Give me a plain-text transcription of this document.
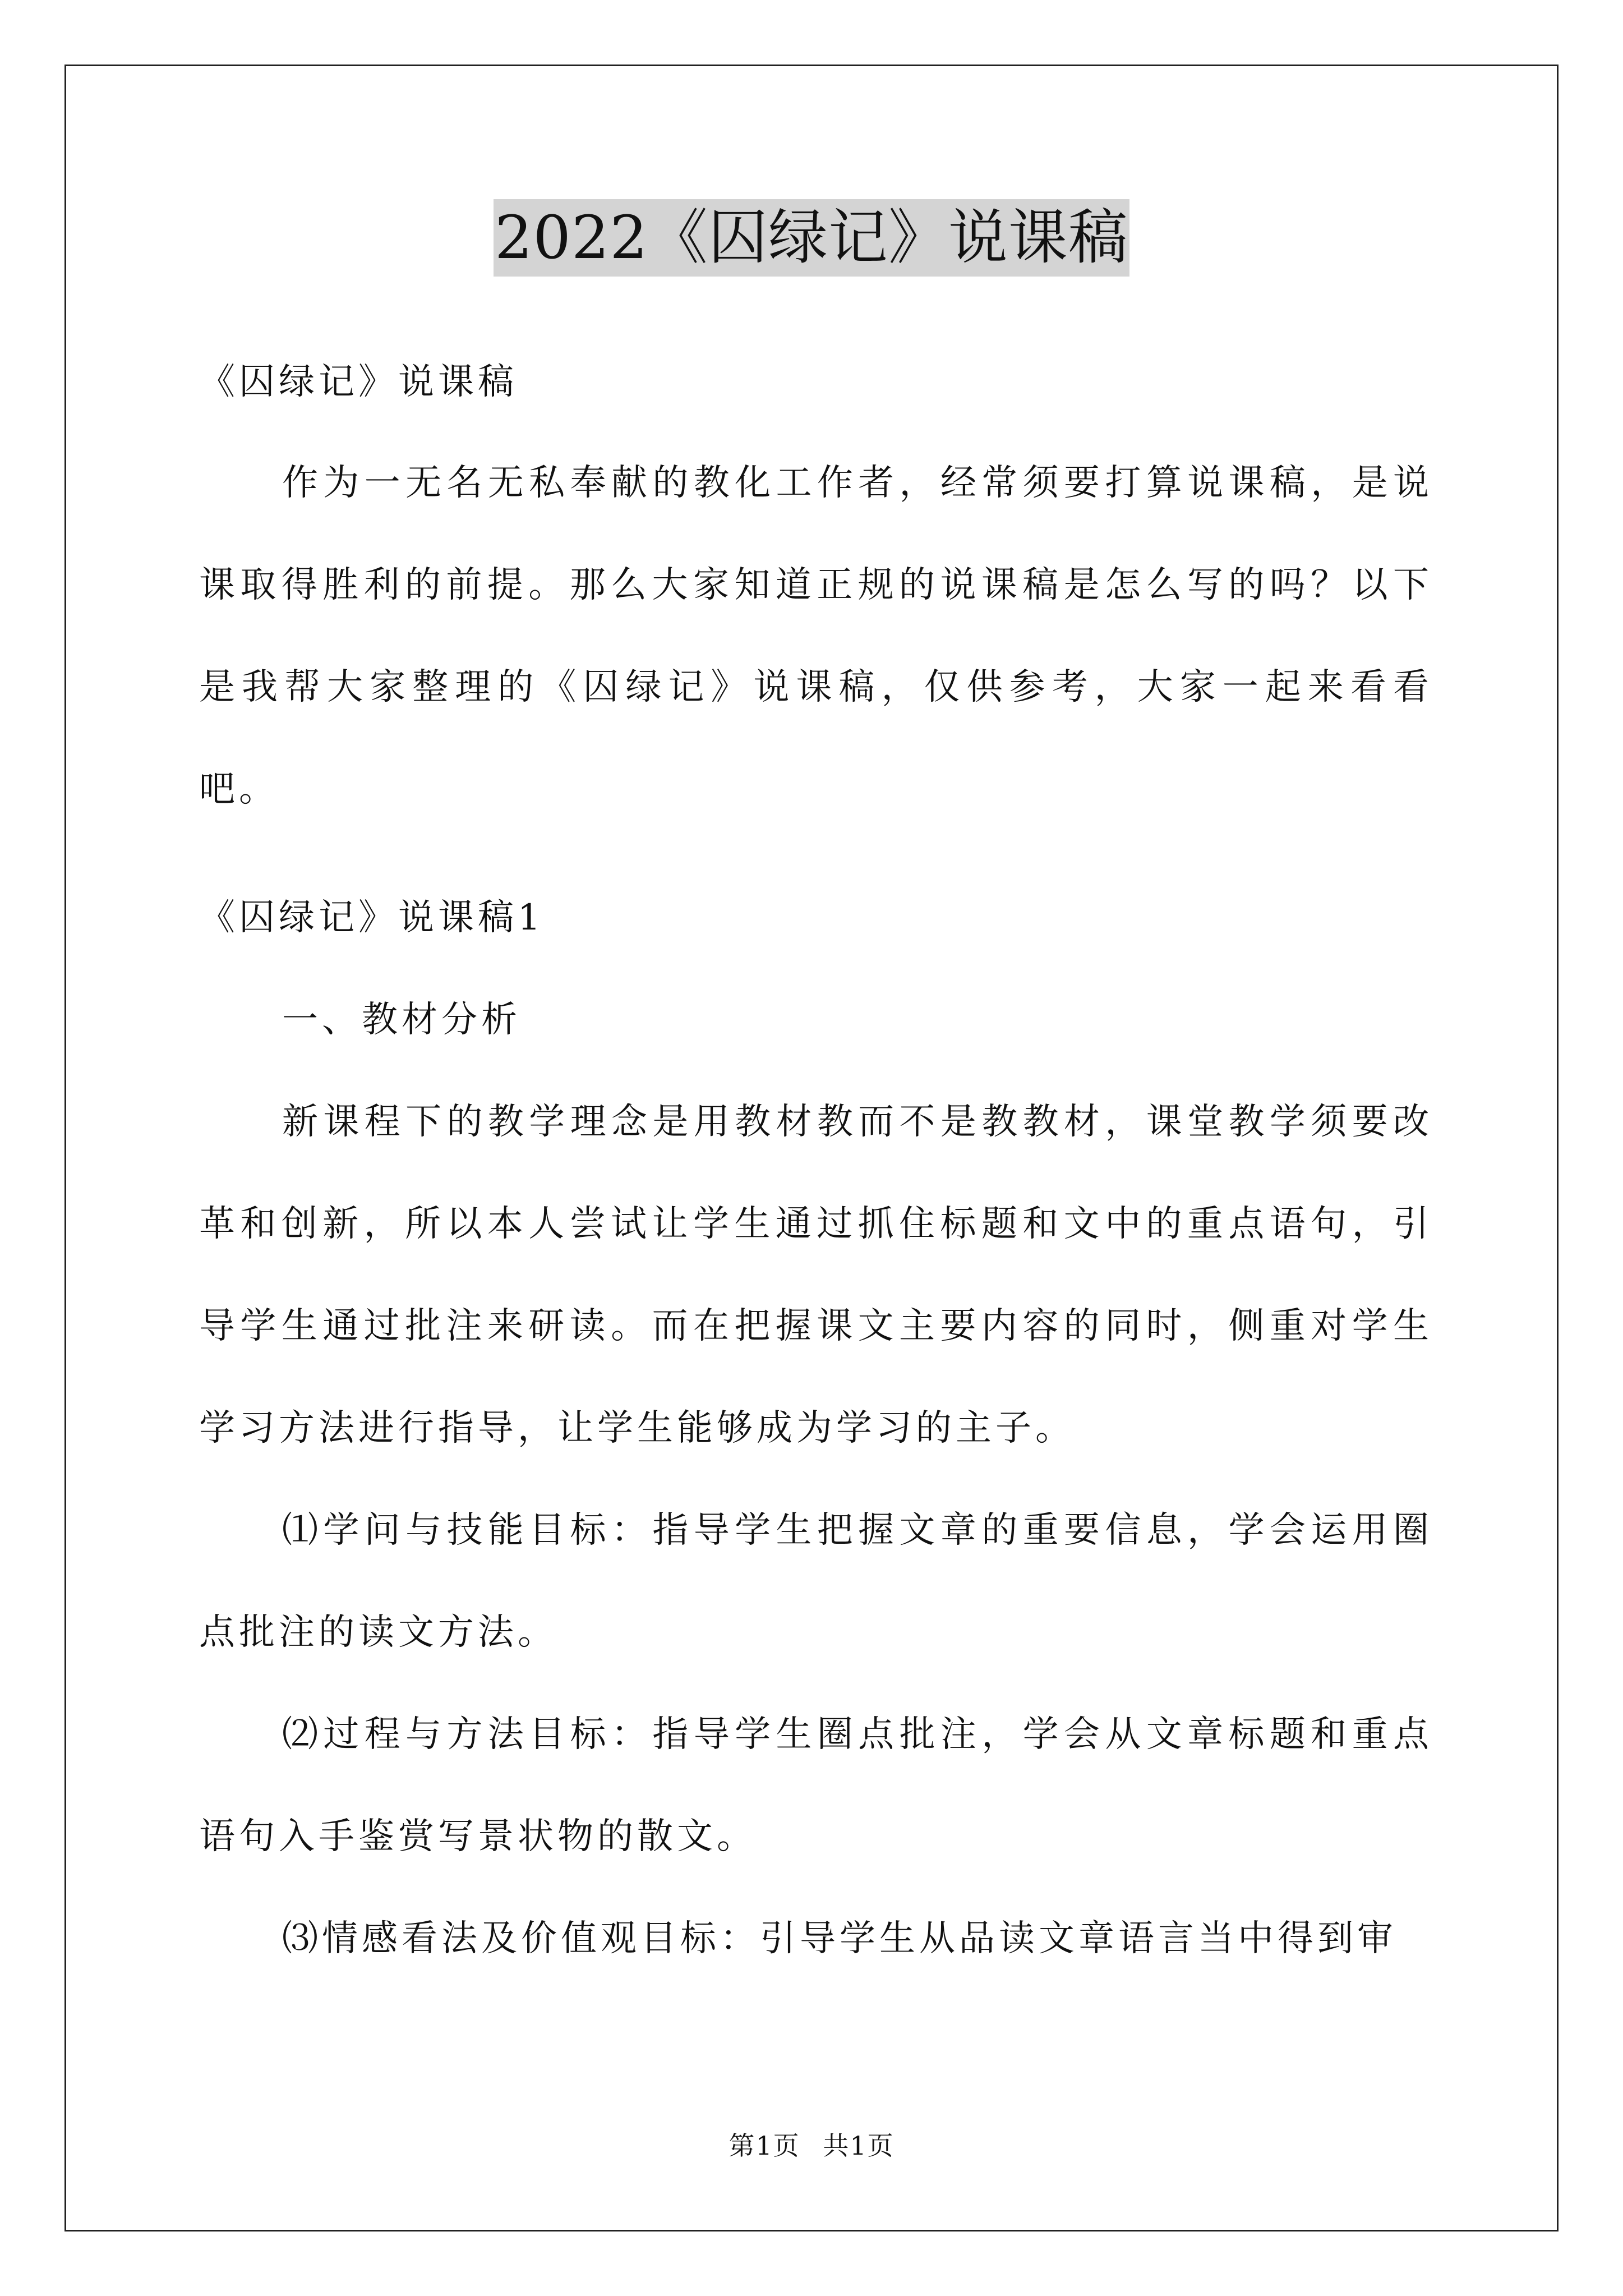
2022《囚绿记》说课稿

《囚绿记》说课稿

作为一无名无私奉献的教化工作者，经常须要打算说课稿，是说课取得胜利的前提。那么大家知道正规的说课稿是怎么写的吗？以下是我帮大家整理的《囚绿记》说课稿，仅供参考，大家一起来看看吧。

《囚绿记》说课稿1

一、教材分析

新课程下的教学理念是用教材教而不是教教材，课堂教学须要改革和创新，所以本人尝试让学生通过抓住标题和文中的重点语句，引导学生通过批注来研读。而在把握课文主要内容的同时，侧重对学生学习方法进行指导，让学生能够成为学习的主子。

⑴学问与技能目标：指导学生把握文章的重要信息，学会运用圈点批注的读文方法。

⑵过程与方法目标：指导学生圈点批注，学会从文章标题和重点语句入手鉴赏写景状物的散文。

⑶情感看法及价值观目标：引导学生从品读文章语言当中得到审

第1页 共1页
